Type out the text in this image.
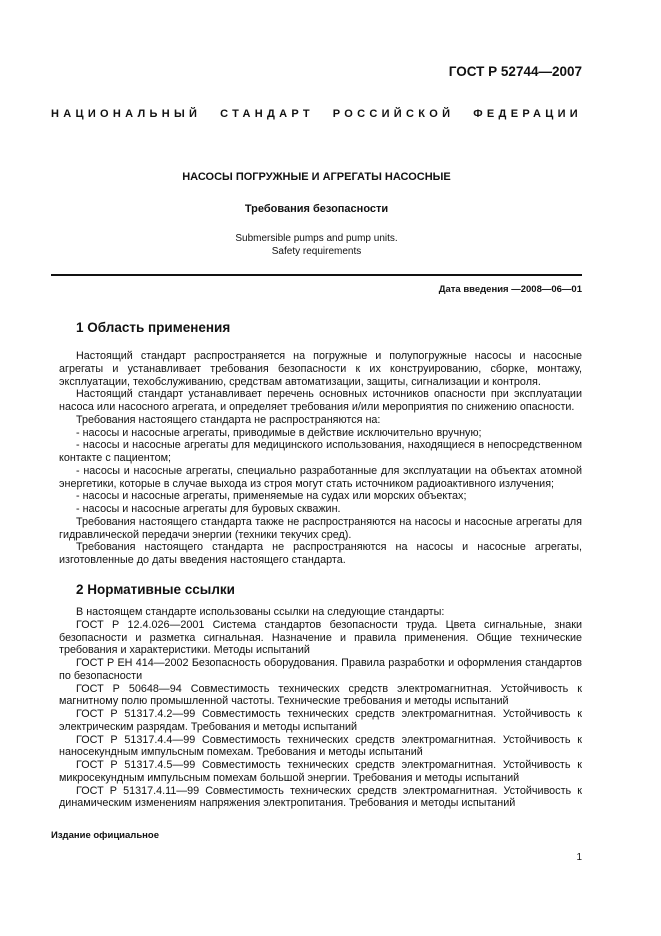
ГОСТ Р 52744—2007
НАЦИОНАЛЬНЫЙ СТАНДАРТ РОССИЙСКОЙ ФЕДЕРАЦИИ
НАСОСЫ ПОГРУЖНЫЕ И АГРЕГАТЫ НАСОСНЫЕ
Требования безопасности
Submersible pumps and pump units.
Safety requirements
Дата введения —2008—06—01
1 Область применения

Настоящий стандарт распространяется на погружные и полупогружные насосы и насосные агрегаты и устанавливает требования безопасности к их конструированию, сборке, монтажу, эксплуатации, техобслуживанию, средствам автоматизации, защиты, сигнализации и контроля.

Настоящий стандарт устанавливает перечень основных источников опасности при эксплуатации насоса или насосного агрегата, и определяет требования и/или мероприятия по снижению опасности.

Требования настоящего стандарта не распространяются на:

- насосы и насосные агрегаты, приводимые в действие исключительно вручную;

- насосы и насосные агрегаты для медицинского использования, находящиеся в непосредственном контакте с пациентом;

- насосы и насосные агрегаты, специально разработанные для эксплуатации на объектах атомной энергетики, которые в случае выхода из строя могут стать источником радиоактивного излучения;

- насосы и насосные агрегаты, применяемые на судах или морских объектах;

- насосы и насосные агрегаты для буровых скважин.

Требования настоящего стандарта также не распространяются на насосы и насосные агрегаты для гидравлической передачи энергии (техники текучих сред).

Требования настоящего стандарта не распространяются на насосы и насосные агрегаты, изготовленные до даты введения настоящего стандарта.

2 Нормативные ссылки

В настоящем стандарте использованы ссылки на следующие стандарты:

ГОСТ Р 12.4.026—2001 Система стандартов безопасности труда. Цвета сигнальные, знаки безопасности и разметка сигнальная. Назначение и правила применения. Общие технические требования и характеристики. Методы испытаний

ГОСТ Р ЕН 414—2002 Безопасность оборудования. Правила разработки и оформления стандартов по безопасности

ГОСТ Р 50648—94 Совместимость технических средств электромагнитная. Устойчивость к магнитному полю промышленной частоты. Технические требования и методы испытаний

ГОСТ Р 51317.4.2—99 Совместимость технических средств электромагнитная. Устойчивость к электрическим разрядам. Требования и методы испытаний

ГОСТ Р 51317.4.4—99 Совместимость технических средств электромагнитная. Устойчивость к наносекундным импульсным помехам. Требования и методы испытаний

ГОСТ Р 51317.4.5—99 Совместимость технических средств электромагнитная. Устойчивость к микросекундным импульсным помехам большой энергии. Требования и методы испытаний

ГОСТ Р 51317.4.11—99 Совместимость технических средств электромагнитная. Устойчивость к динамическим изменениям напряжения электропитания. Требования и методы испытаний

Издание официальное
1
